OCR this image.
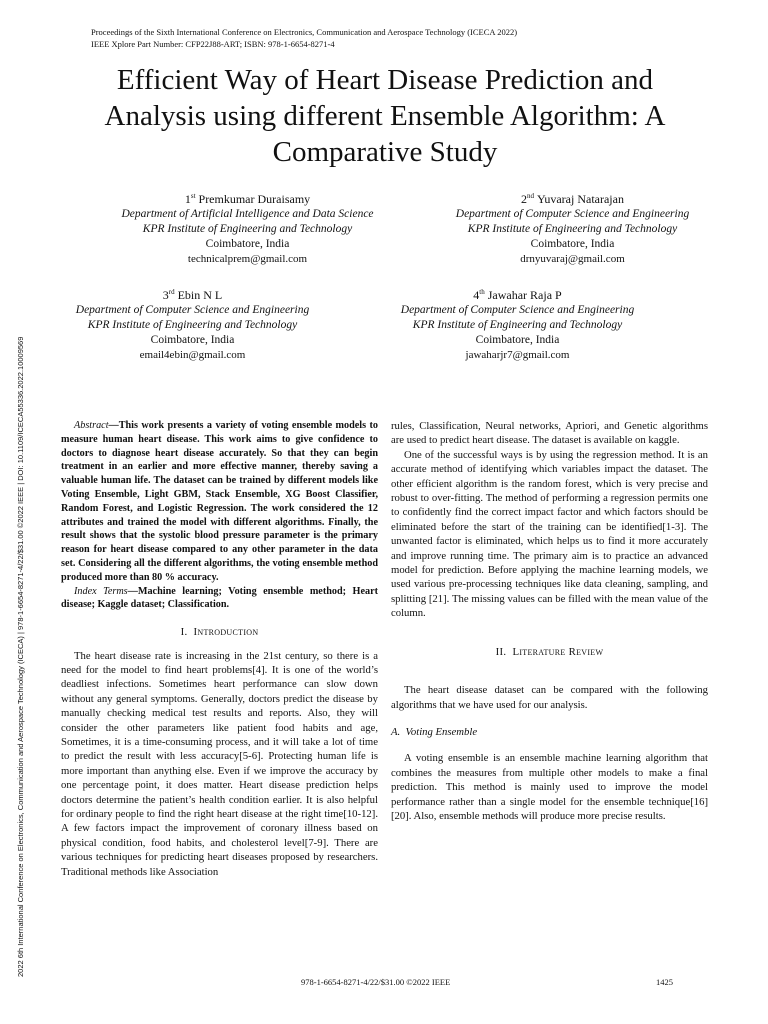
Proceedings of the Sixth International Conference on Electronics, Communication and Aerospace Technology (ICECA 2022)
IEEE Xplore Part Number: CFP22J88-ART; ISBN: 978-1-6654-8271-4
2022 6th International Conference on Electronics, Communication and Aerospace Technology (ICECA) | 978-1-6654-8271-4/22/$31.00 ©2022 IEEE | DOI: 10.1109/ICECA55336.2022.10009569
Efficient Way of Heart Disease Prediction and Analysis using different Ensemble Algorithm: A Comparative Study
1st Premkumar Duraisamy
Department of Artificial Intelligence and Data Science
KPR Institute of Engineering and Technology
Coimbatore, India
technicalprem@gmail.com
2nd Yuvaraj Natarajan
Department of Computer Science and Engineering
KPR Institute of Engineering and Technology
Coimbatore, India
drnyuvaraj@gmail.com
3rd Ebin N L
Department of Computer Science and Engineering
KPR Institute of Engineering and Technology
Coimbatore, India
email4ebin@gmail.com
4th Jawahar Raja P
Department of Computer Science and Engineering
KPR Institute of Engineering and Technology
Coimbatore, India
jawaharjr7@gmail.com

Abstract—This work presents a variety of voting ensemble models to measure human heart disease. This work aims to give confidence to doctors to diagnose heart disease accurately. So that they can begin treatment in an earlier and more effective manner, thereby saving a valuable human life. The dataset can be trained by different models like Voting Ensemble, Light GBM, Stack Ensemble, XG Boost Classifier, Random Forest, and Logistic Regression. The work considered the 12 attributes and trained the model with different algorithms. Finally, the result shows that the systolic blood pressure parameter is the primary reason for heart disease compared to any other parameter in the data set. Considering all the different algorithms, the voting ensemble method produced more than 80 % accuracy.

Index Terms—Machine learning; Voting ensemble method; Heart disease; Kaggle dataset; Classification.

I. Introduction

The heart disease rate is increasing in the 21st century, so there is a need for the model to find heart problems[4]. It is one of the world’s deadliest infections. Sometimes heart performance can slow down without any general symptoms. Generally, doctors predict the disease by manually checking medical test results and reports. Also, they will consider the other parameters like patient food habits and age, Sometimes, it is a time-consuming process, and it will take a lot of time to predict the result with less accuracy[5-6]. Protecting human life is more important than anything else. Even if we improve the accuracy by one percentage point, it does matter. Heart disease prediction helps doctors determine the patient’s health condition earlier. It is also helpful for ordinary people to find the right heart disease at the right time[10-12]. A few factors impact the improvement of coronary illness based on physical condition, food habits, and cholesterol level[7-9]. There are various techniques for predicting heart diseases proposed by researchers. Traditional methods like Association

rules, Classification, Neural networks, Apriori, and Genetic algorithms are used to predict heart disease. The dataset is available on kaggle.

One of the successful ways is by using the regression method. It is an accurate method of identifying which variables impact the dataset. The other efficient algorithm is the random forest, which is very precise and robust to over-fitting. The method of performing a regression permits one to confidently find the correct impact factor and which factors should be eliminated before the start of the training can be identified[1-3]. The unwanted factor is eliminated, which helps us to find it more accurately and improve running time. The primary aim is to practice an advanced model for prediction. Before applying the machine learning models, we used various pre-processing techniques like data cleaning, sampling, and splitting [21]. The missing values can be filled with the mean value of the column.

II. Literature Review

The heart disease dataset can be compared with the following algorithms that we have used for our analysis.

A. Voting Ensemble

A voting ensemble is an ensemble machine learning algorithm that combines the measures from multiple other models to make a final prediction. This method is mainly used to improve the model performance rather than a single model for the ensemble technique[16][20]. Also, ensemble methods will produce more precise results.

978-1-6654-8271-4/22/$31.00 ©2022 IEEE	1425
